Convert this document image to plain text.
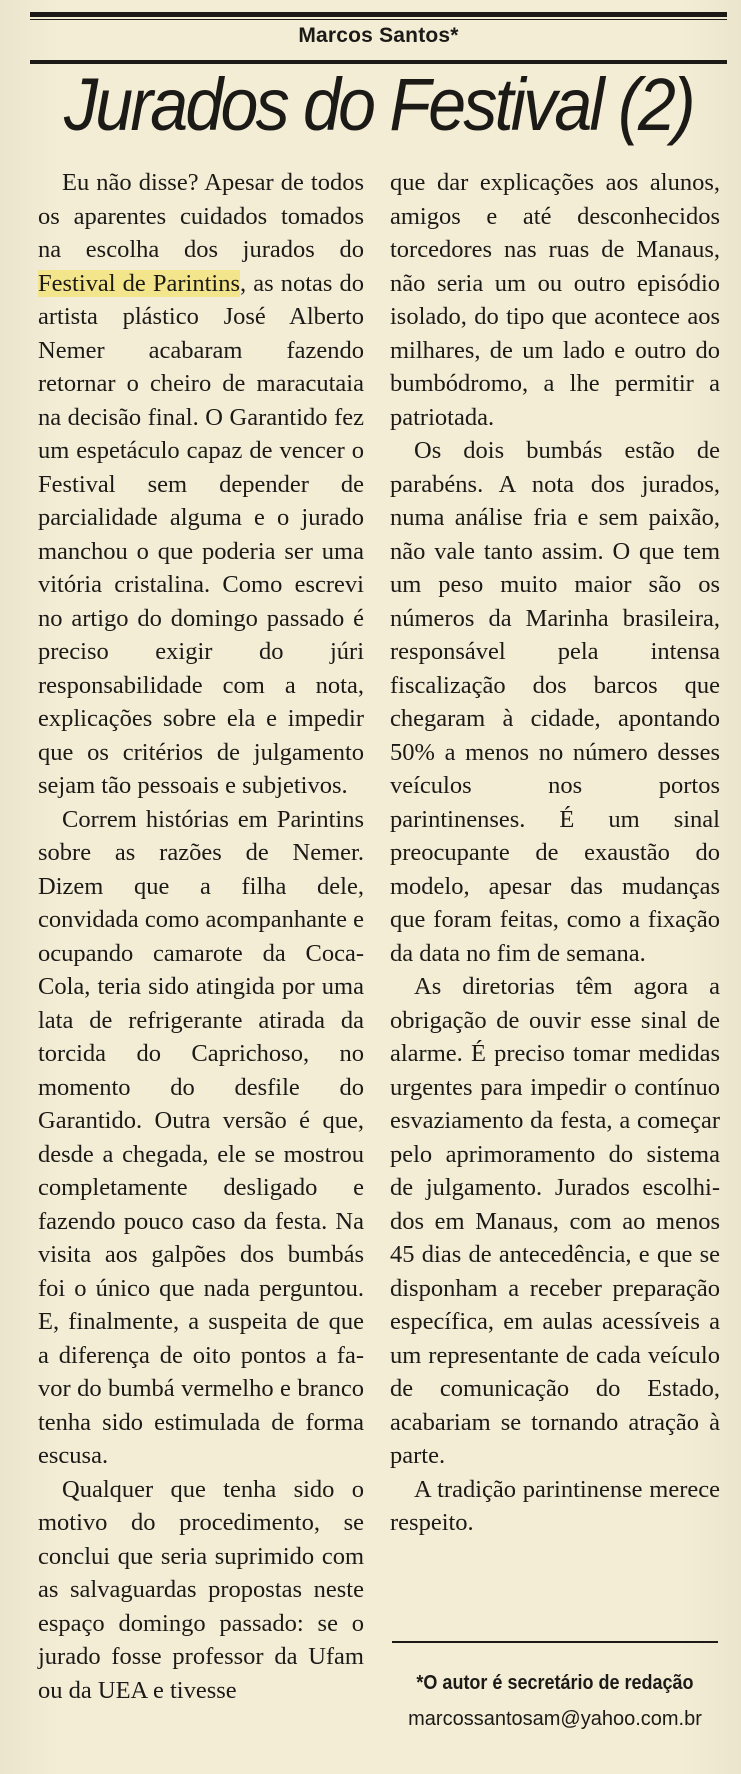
Marcos Santos*
Jurados do Festival (2)

Eu não disse? Apesar de todos os aparentes cuidados tomados na escolha dos jurados do Festival de Parintins, as notas do artista plástico José Alberto Nemer acabaram fazendo retornar o cheiro de maracutaia na decisão final. O Garantido fez um espetáculo capaz de vencer o Festival sem depender de parcialidade alguma e o jurado manchou o que poderia ser uma vitória cristalina. Como escrevi no artigo do domingo passado é preciso exigir do júri responsabilidade com a nota, explicações sobre ela e impedir que os critérios de julgamento sejam tão pessoais e subjetivos.

Correm histórias em Parintins sobre as razões de Nemer. Dizem que a filha dele, convidada como acompanhante e ocupando camarote da Coca-Cola, teria sido atingida por uma lata de refrigerante atirada da torcida do Caprichoso, no momento do desfile do Garantido. Outra versão é que, desde a chegada, ele se mostrou completamente desligado e fazendo pouco caso da festa. Na visita aos galpões dos bumbás foi o único que nada perguntou. E, finalmente, a suspeita de que a diferença de oito pontos a favor do bumbá vermelho e branco tenha sido estimulada de forma escusa.

Qualquer que tenha sido o motivo do procedimento, se conclui que seria suprimido com as salvaguardas propostas neste espaço domingo passado: se o jurado fosse professor da Ufam ou da UEA e tivesse

que dar explicações aos alunos, amigos e até desconhecidos torcedores nas ruas de Manaus, não seria um ou outro episódio isolado, do tipo que acontece aos milhares, de um lado e outro do bumbódromo, a lhe permitir a patriotada.

Os dois bumbás estão de parabéns. A nota dos jurados, numa análise fria e sem paixão, não vale tanto assim. O que tem um peso muito maior são os números da Marinha brasileira, responsável pela intensa fiscalização dos barcos que chegaram à cidade, apontando 50% a menos no número desses veículos nos portos parintinenses. É um sinal preocupante de exaustão do modelo, apesar das mudanças que foram feitas, como a fixação da data no fim de semana.

As diretorias têm agora a obrigação de ouvir esse sinal de alarme. É preciso tomar medidas urgentes para impedir o contínuo esvaziamento da festa, a começar pelo aprimoramento do sistema de julgamento. Jurados escolhidos em Manaus, com ao menos 45 dias de antecedência, e que se disponham a receber preparação específica, em aulas acessíveis a um representante de cada veículo de comunicação do Estado, acabariam se tornando atração à parte.

A tradição parintinense merece respeito.

*O autor é secretário de redação
marcossantosam@yahoo.com.br
